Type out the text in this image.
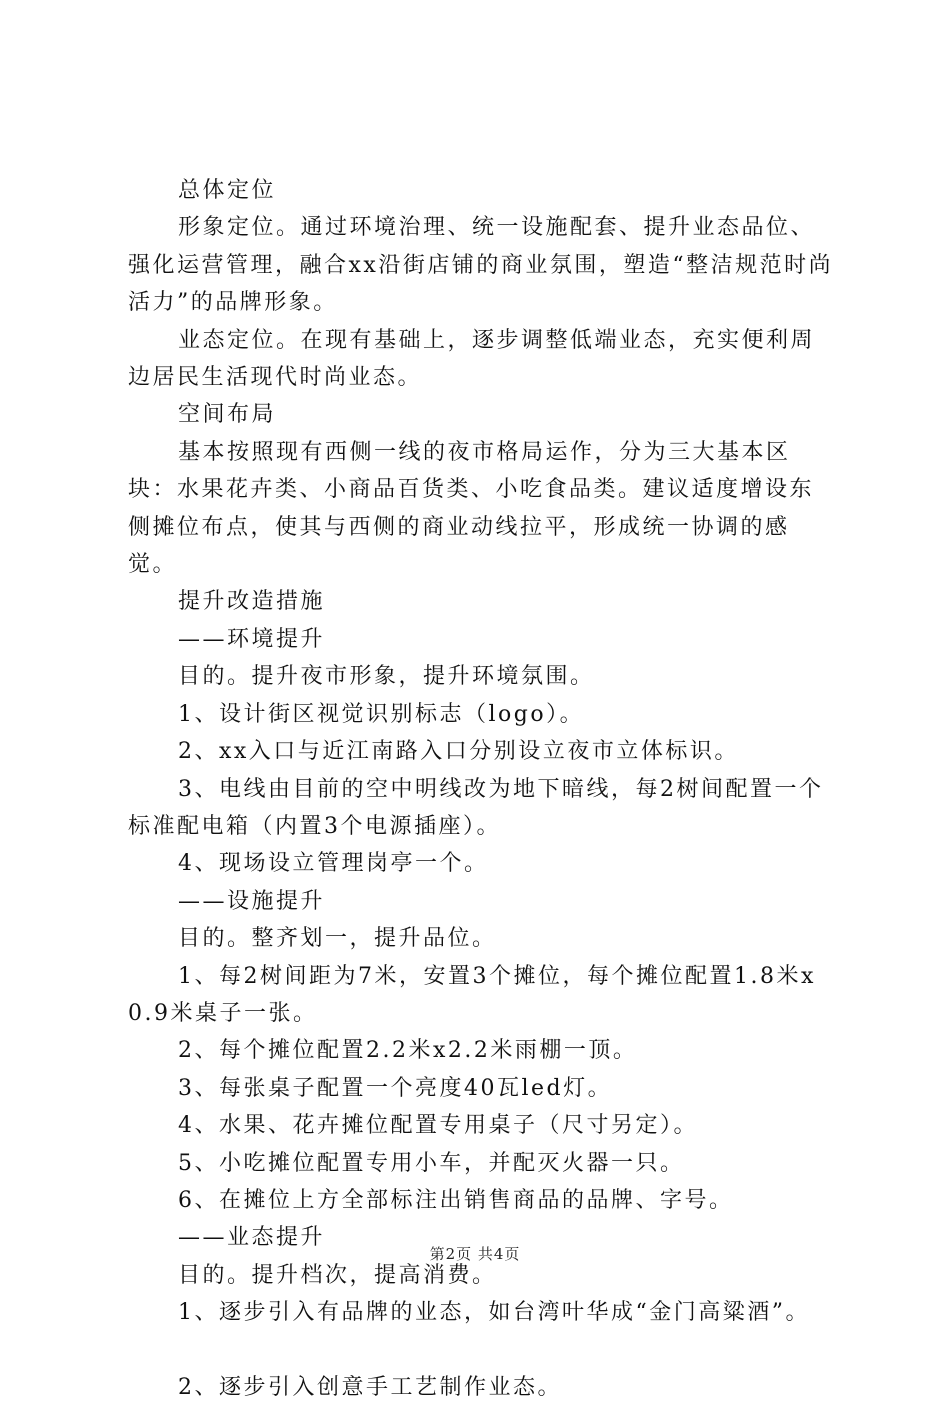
总体定位

形象定位。通过环境治理、统一设施配套、提升业态品位、强化运营管理，融合xx沿街店铺的商业氛围，塑造“整洁规范时尚活力”的品牌形象。

业态定位。在现有基础上，逐步调整低端业态，充实便利周边居民生活现代时尚业态。

空间布局

基本按照现有西侧一线的夜市格局运作，分为三大基本区块：水果花卉类、小商品百货类、小吃食品类。建议适度增设东侧摊位布点，使其与西侧的商业动线拉平，形成统一协调的感觉。

提升改造措施

——环境提升

目的。提升夜市形象，提升环境氛围。

1、设计街区视觉识别标志（logo）。

2、xx入口与近江南路入口分别设立夜市立体标识。

3、电线由目前的空中明线改为地下暗线，每2树间配置一个标准配电箱（内置3个电源插座）。

4、现场设立管理岗亭一个。

——设施提升

目的。整齐划一，提升品位。

1、每2树间距为7米，安置3个摊位，每个摊位配置1.8米x0.9米桌子一张。

2、每个摊位配置2.2米x2.2米雨棚一顶。

3、每张桌子配置一个亮度40瓦led灯。

4、水果、花卉摊位配置专用桌子（尺寸另定）。

5、小吃摊位配置专用小车，并配灭火器一只。

6、在摊位上方全部标注出销售商品的品牌、字号。

——业态提升

目的。提升档次，提高消费。

1、逐步引入有品牌的业态，如台湾叶华成“金门高粱酒”。

2、逐步引入创意手工艺制作业态。

第2页 共4页
